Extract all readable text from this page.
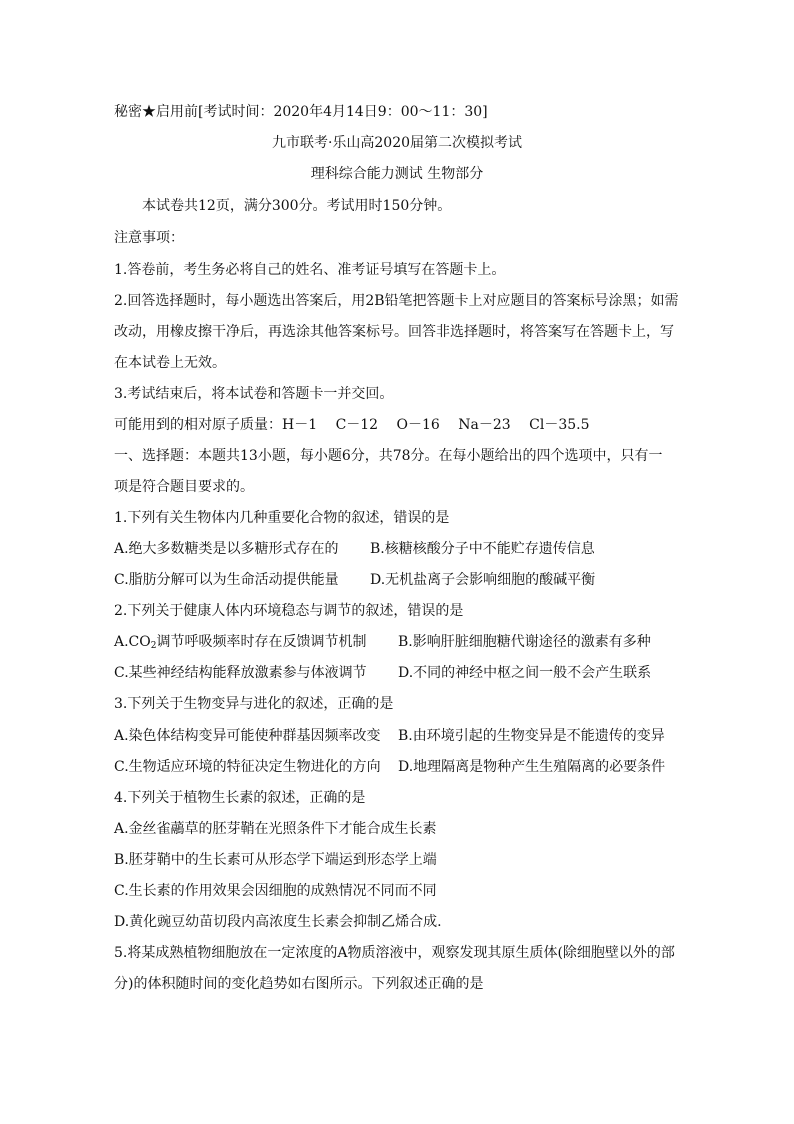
秘密★启用前[考试时间：2020年4月14日9：00～11：30]
九市联考·乐山高2020届第二次模拟考试
理科综合能力测试 生物部分
本试卷共12页，满分300分。考试用时150分钟。
注意事项：
1.答卷前，考生务必将自己的姓名、准考证号填写在答题卡上。
2.回答选择题时，每小题选出答案后，用2B铅笔把答题卡上对应题目的答案标号涂黑；如需
改动，用橡皮擦干净后，再选涂其他答案标号。回答非选择题时，将答案写在答题卡上，写
在本试卷上无效。
3.考试结束后，将本试卷和答题卡一并交回。
可能用到的相对原子质量：H－1　 C－12　 O－16　 Na－23　 Cl－35.5
一、选择题：本题共13小题，每小题6分，共78分。在每小题给出的四个选项中，只有一
项是符合题目要求的。
1.下列有关生物体内几种重要化合物的叙述，错误的是
A.绝大多数糖类是以多糖形式存在的 B.核糖核酸分子中不能贮存遗传信息
C.脂肪分解可以为生命活动提供能量 D.无机盐离子会影响细胞的酸碱平衡
2.下列关于健康人体内环境稳态与调节的叙述，错误的是
$A.CO_2$调节呼吸频率时存在反馈调节机制 B.影响肝脏细胞糖代谢途径的激素有多种
C.某些神经结构能释放激素参与体液调节 D.不同的神经中枢之间一般不会产生联系
3.下列关于生物变异与进化的叙述，正确的是
A.染色体结构变异可能使种群基因频率改变 B.由环境引起的生物变异是不能遗传的变异
C.生物适应环境的特征决定生物进化的方向 D.地理隔离是物种产生生殖隔离的必要条件
4.下列关于植物生长素的叙述，正确的是
A.金丝雀虉草的胚芽鞘在光照条件下才能合成生长素
B.胚芽鞘中的生长素可从形态学下端运到形态学上端
C.生长素的作用效果会因细胞的成熟情况不同而不同
D.黄化豌豆幼苗切段内高浓度生长素会抑制乙烯合成.
5.将某成熟植物细胞放在一定浓度的A物质溶液中，观察发现其原生质体(除细胞壁以外的部
分)的体积随时间的变化趋势如右图所示。下列叙述正确的是
